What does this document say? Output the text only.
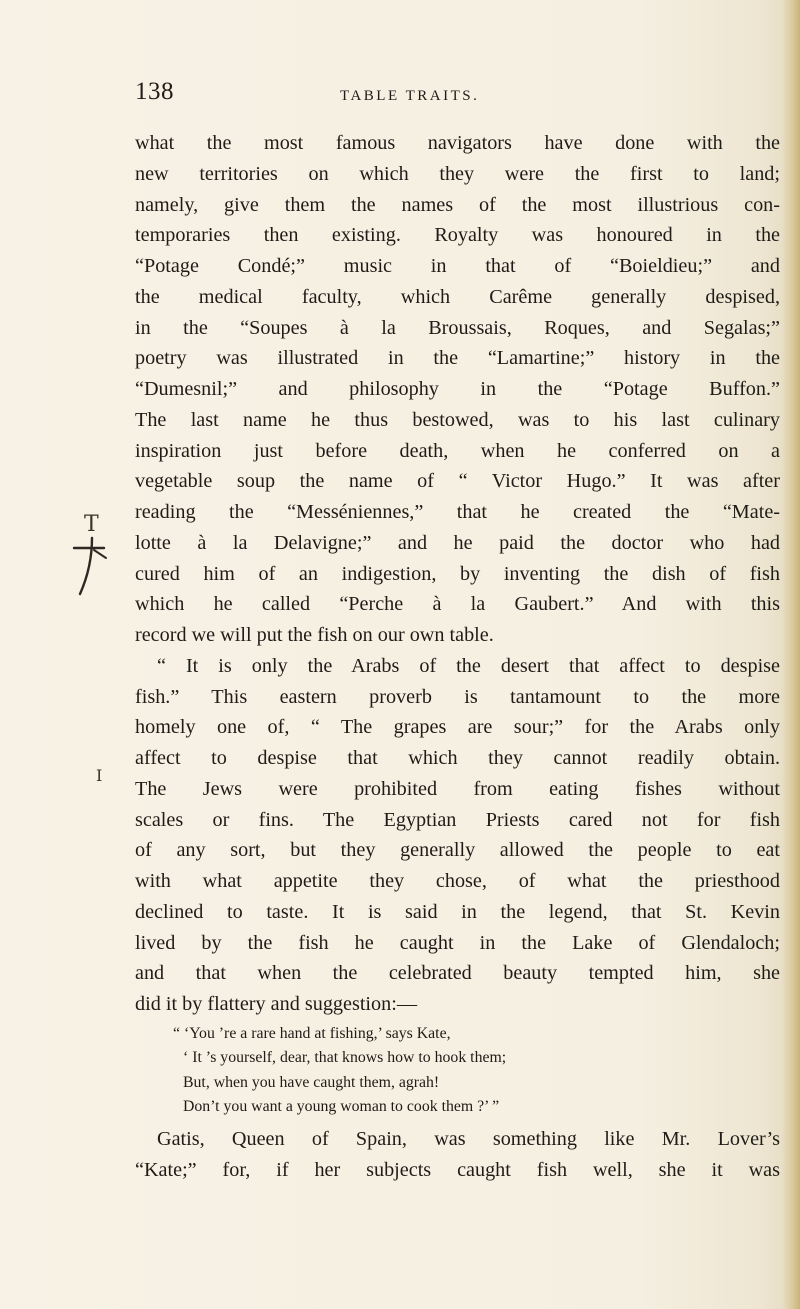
138	TABLE TRAITS.
T
I
what the most famous navigators have done with the
new territories on which they were the first to land;
namely, give them the names of the most illustrious con-
temporaries then existing. Royalty was honoured in the
“Potage Condé;” music in that of “Boieldieu;” and
the medical faculty, which Carême generally despised,
in the “Soupes à la Broussais, Roques, and Segalas;”
poetry was illustrated in the “Lamartine;” history in the
“Dumesnil;” and philosophy in the “Potage Buffon.”
The last name he thus bestowed, was to his last culinary
inspiration just before death, when he conferred on a
vegetable soup the name of “ Victor Hugo.” It was after
reading the “Messéniennes,” that he created the “Mate-
lotte à la Delavigne;” and he paid the doctor who had
cured him of an indigestion, by inventing the dish of fish
which he called “Perche à la Gaubert.” And with this
record we will put the fish on our own table.
“ It is only the Arabs of the desert that affect to despise
fish.” This eastern proverb is tantamount to the more
homely one of, “ The grapes are sour;” for the Arabs only
affect to despise that which they cannot readily obtain.
The Jews were prohibited from eating fishes without
scales or fins. The Egyptian Priests cared not for fish
of any sort, but they generally allowed the people to eat
with what appetite they chose, of what the priesthood
declined to taste. It is said in the legend, that St. Kevin
lived by the fish he caught in the Lake of Glendaloch;
and that when the celebrated beauty tempted him, she
did it by flattery and suggestion:—
“ ‘You ’re a rare hand at fishing,’ says Kate,
‘ It ’s yourself, dear, that knows how to hook them;
But, when you have caught them, agrah!
Don’t you want a young woman to cook them ?’ ”
Gatis, Queen of Spain, was something like Mr. Lover’s
“Kate;” for, if her subjects caught fish well, she it was
